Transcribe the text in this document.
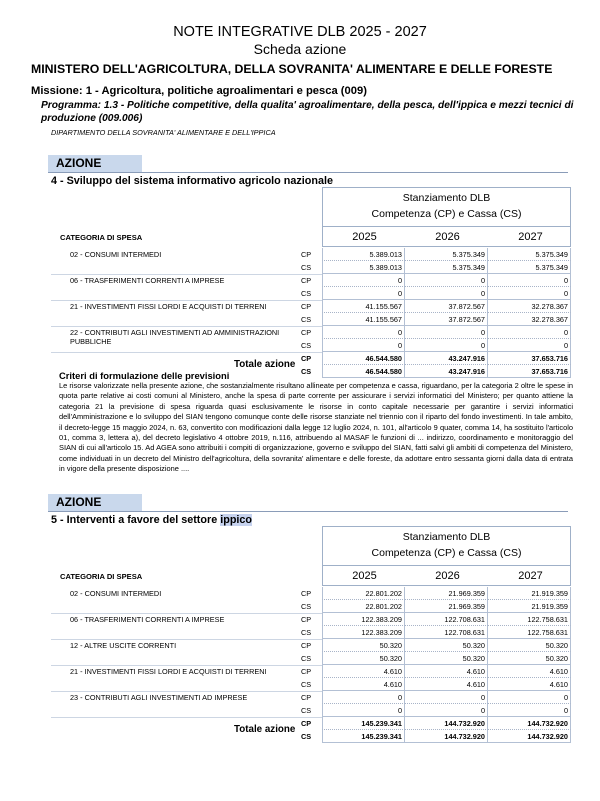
NOTE INTEGRATIVE DLB 2025 - 2027
Scheda azione
MINISTERO DELL'AGRICOLTURA, DELLA SOVRANITA' ALIMENTARE E DELLE FORESTE
Missione: 1 - Agricoltura, politiche agroalimentari e pesca (009)
Programma: 1.3 - Politiche competitive, della qualita' agroalimentare, della pesca, dell'ippica e mezzi tecnici di produzione (009.006)
DIPARTIMENTO DELLA SOVRANITA' ALIMENTARE E DELL'IPPICA
AZIONE
4 - Sviluppo del sistema informativo agricolo nazionale
Stanziamento DLB
Competenza (CP) e Cassa (CS)
2025	2026	2027
CATEGORIA DI SPESA
02 - CONSUMI INTERMEDI	CP	5.389.013	5.375.349	5.375.349
CS	5.389.013	5.375.349	5.375.349
06 - TRASFERIMENTI CORRENTI A IMPRESE	CP	0	0	0
CS	0	0	0
21 - INVESTIMENTI FISSI LORDI E ACQUISTI DI TERRENI	CP	41.155.567	37.872.567	32.278.367
CS	41.155.567	37.872.567	32.278.367
22 - CONTRIBUTI AGLI INVESTIMENTI AD AMMINISTRAZIONI PUBBLICHE
CP	0	0	0
CS	0	0	0
Totale azione
CP	46.544.580	43.247.916	37.653.716
CS	46.544.580	43.247.916	37.653.716
Criteri di formulazione delle previsioni
Le risorse valorizzate nella presente azione, che sostanzialmente risultano allineate per competenza e cassa, riguardano, per la categoria 2 oltre le spese in quota parte relative ai costi comuni al Ministero, anche la spesa di parte corrente per assicurare i servizi informatici del Ministero; per quanto attiene la categoria 21 la previsione di spesa riguarda quasi esclusivamente le risorse in conto capitale necessarie per garantire i servizi informatici dell'Amministrazione e lo sviluppo del SIAN tengono comunque conte delle risorse stanziate nel triennio con il riparto del fondo investimenti. In tale ambito, il decreto-legge 15 maggio 2024, n. 63, convertito con modificazioni dalla legge 12 luglio 2024, n. 101, all'articolo 9 quater, comma 14, ha sostituito l'articolo 01, comma 3, lettera a), del decreto legislativo 4 ottobre 2019, n.116, attribuendo al MASAF le funzioni di ... indirizzo, coordinamento e monitoraggio del SIAN di cui all'articolo 15. Ad AGEA sono attribuiti i compiti di organizzazione, governo e sviluppo del SIAN, fatti salvi gli ambiti di competenza del Ministero, come individuati in un decreto del Ministro dell'agricoltura, della sovranita' alimentare e delle foreste, da adottare entro sessanta giorni dalla data di entrata in vigore della presente disposizione ....
AZIONE
5 - Interventi a favore del settore ippico
Stanziamento DLB
Competenza (CP) e Cassa (CS)
2025	2026	2027
CATEGORIA DI SPESA
02 - CONSUMI INTERMEDI	CP	22.801.202	21.969.359	21.919.359
CS	22.801.202	21.969.359	21.919.359
06 - TRASFERIMENTI CORRENTI A IMPRESE	CP	122.383.209	122.708.631	122.758.631
CS	122.383.209	122.708.631	122.758.631
12 - ALTRE USCITE CORRENTI	CP	50.320	50.320	50.320
CS	50.320	50.320	50.320
21 - INVESTIMENTI FISSI LORDI E ACQUISTI DI TERRENI	CP	4.610	4.610	4.610
CS	4.610	4.610	4.610
23 - CONTRIBUTI AGLI INVESTIMENTI AD IMPRESE	CP	0	0	0
CS	0	0	0
Totale azione
CP	145.239.341	144.732.920	144.732.920
CS	145.239.341	144.732.920	144.732.920
